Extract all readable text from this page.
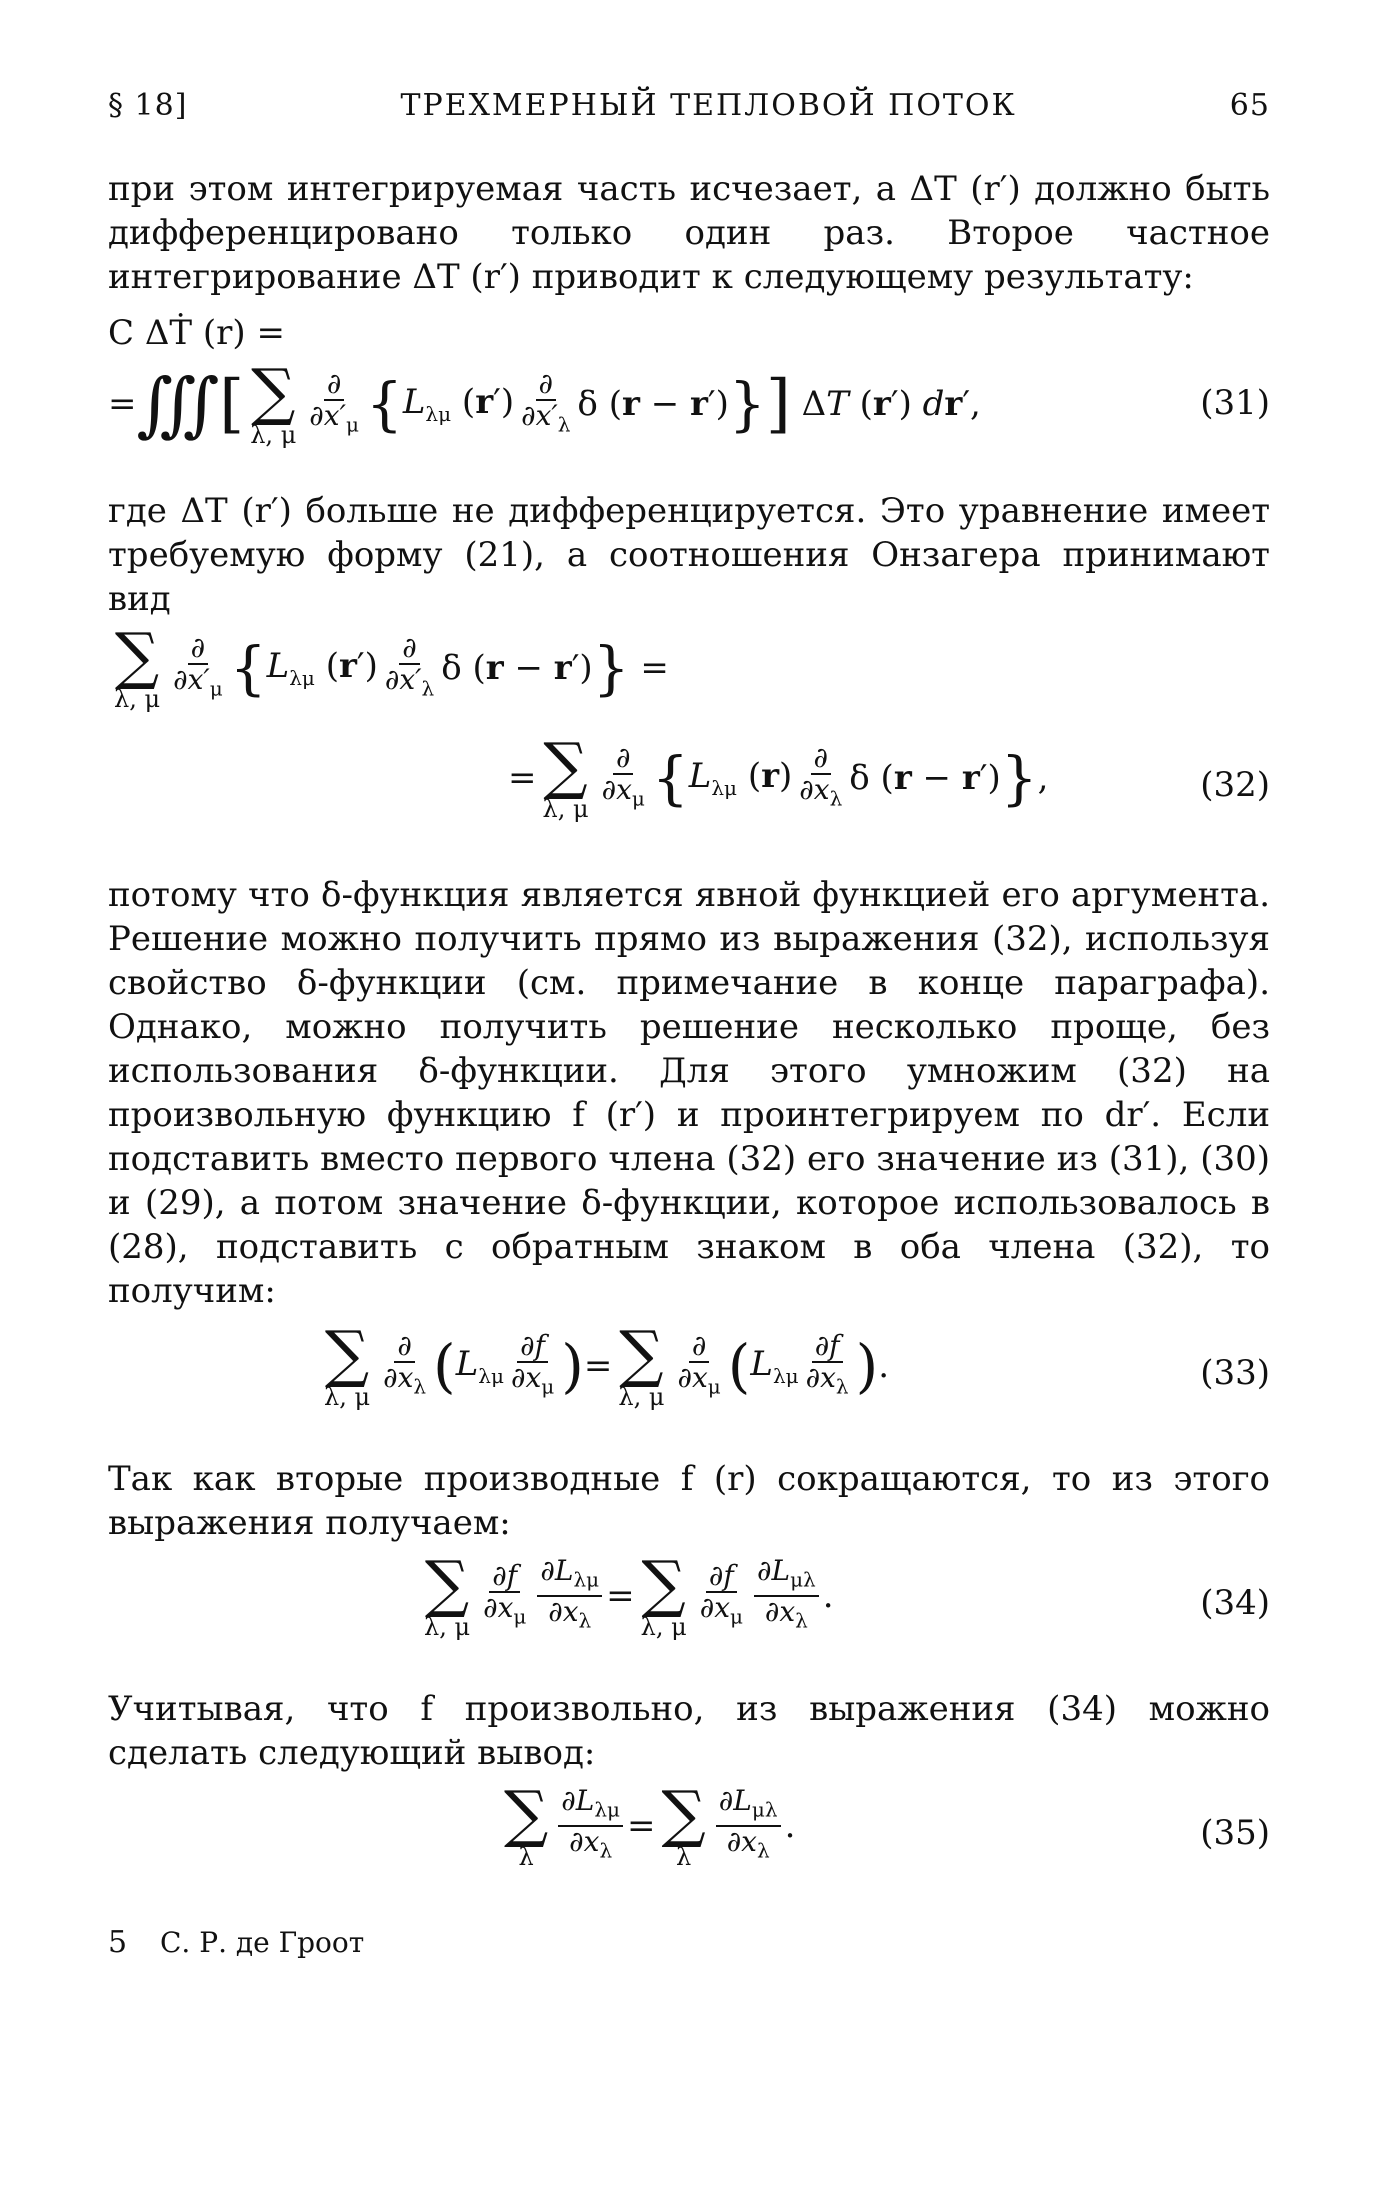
§ 18]	ТРЕХМЕРНЫЙ ТЕПЛОВОЙ ПОТОК	65

при этом интегрируемая часть исчезает, а ΔT (r′) должно быть дифференцировано только один раз. Второе частное интегрирование ΔT (r′) приводит к следующему результату:

C ΔṪ (r) =
= ∭ [ ∑
λ, μ $\frac{\partial}{\partial x'_\mu}$ { $L_{\lambda\mu}$ $(r') \frac{\partial}{\partial x'_\lambda}$ δ (r − r′) } ] ΔT (r′) dr′,	(31)

где ΔT (r′) больше не дифференцируется. Это уравнение имеет требуемую форму (21), а соотношения Онзагера принимают вид

∑
λ, μ $\frac{\partial}{\partial x'_\mu}$ { $L_{\lambda\mu}$ $(r') \frac{\partial}{\partial x'_\lambda}$ δ (r − r′) } =
= ∑
λ, μ $\frac{\partial}{\partial x_\mu}$ { $L_{\lambda\mu}$ $(r) \frac{\partial}{\partial x_\lambda}$ δ (r − r′) } ,	(32)

потому что δ-функция является явной функцией его аргумента. Решение можно получить прямо из выражения (32), используя свойство δ-функции (см. примечание в конце параграфа). Однако, можно получить решение несколько проще, без использования δ-функции. Для этого умножим (32) на произвольную функцию f (r′) и проинтегрируем по dr′. Если подставить вместо первого члена (32) его значение из (31), (30) и (29), а потом значение δ-функции, которое использовалось в (28), подставить с обратным знаком в оба члена (32), то получим:

∑
λ, μ $\frac{\partial}{\partial x_\lambda}$ ( $L_{\lambda\mu} \frac{\partial f}{\partial x_\mu}$ ) = ∑
λ, μ $\frac{\partial}{\partial x_\mu}$ ( $L_{\lambda\mu} \frac{\partial f}{\partial x_\lambda}$ ) .	(33)

Так как вторые производные f (r) сокращаются, то из этого выражения получаем:

∑
λ, μ $\frac{\partial f}{\partial x_\mu} \frac{\partial L_{\lambda\mu}}{\partial x_\lambda}$ = ∑
λ, μ $\frac{\partial f}{\partial x_\mu} \frac{\partial L_{\mu\lambda}}{\partial x_\lambda}$ .	(34)

Учитывая, что f произвольно, из выражения (34) можно сделать следующий вывод:

∑
λ $\frac{\partial L_{\lambda\mu}}{\partial x_\lambda}$ = ∑
λ $\frac{\partial L_{\mu\lambda}}{\partial x_\lambda}$ .	(35)
5 С. Р. де Гроот
